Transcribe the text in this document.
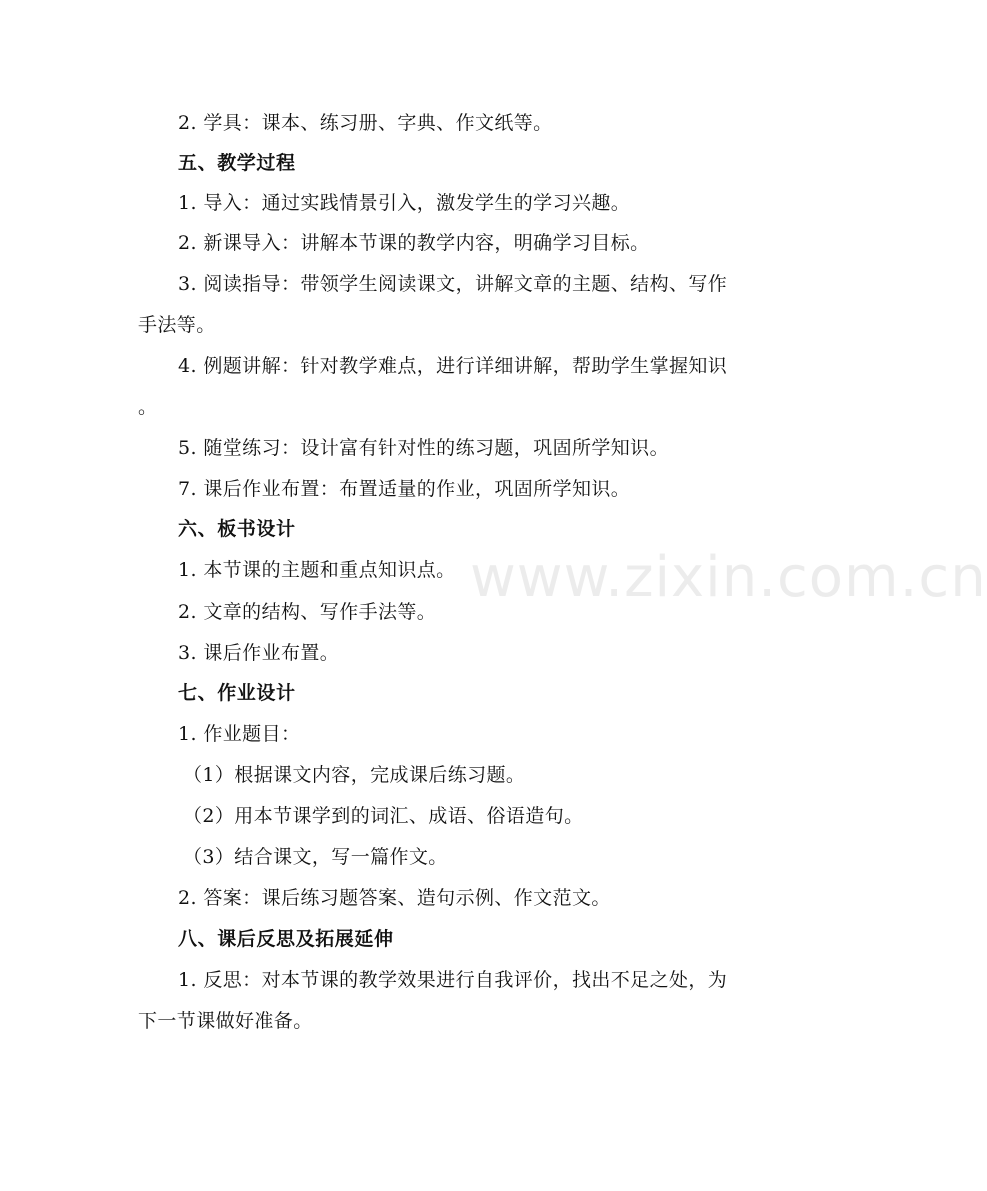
www.zixin.com.cn
2. 学具：课本、练习册、字典、作文纸等。
五、教学过程
1. 导入：通过实践情景引入，激发学生的学习兴趣。
2. 新课导入：讲解本节课的教学内容，明确学习目标。
3. 阅读指导：带领学生阅读课文，讲解文章的主题、结构、写作
手法等。
4. 例题讲解：针对教学难点，进行详细讲解，帮助学生掌握知识
。
5. 随堂练习：设计富有针对性的练习题，巩固所学知识。
7. 课后作业布置：布置适量的作业，巩固所学知识。
六、板书设计
1. 本节课的主题和重点知识点。
2. 文章的结构、写作手法等。
3. 课后作业布置。
七、作业设计
1. 作业题目：
（1）根据课文内容，完成课后练习题。
（2）用本节课学到的词汇、成语、俗语造句。
（3）结合课文，写一篇作文。
2. 答案：课后练习题答案、造句示例、作文范文。
八、课后反思及拓展延伸
1. 反思：对本节课的教学效果进行自我评价，找出不足之处，为
下一节课做好准备。
